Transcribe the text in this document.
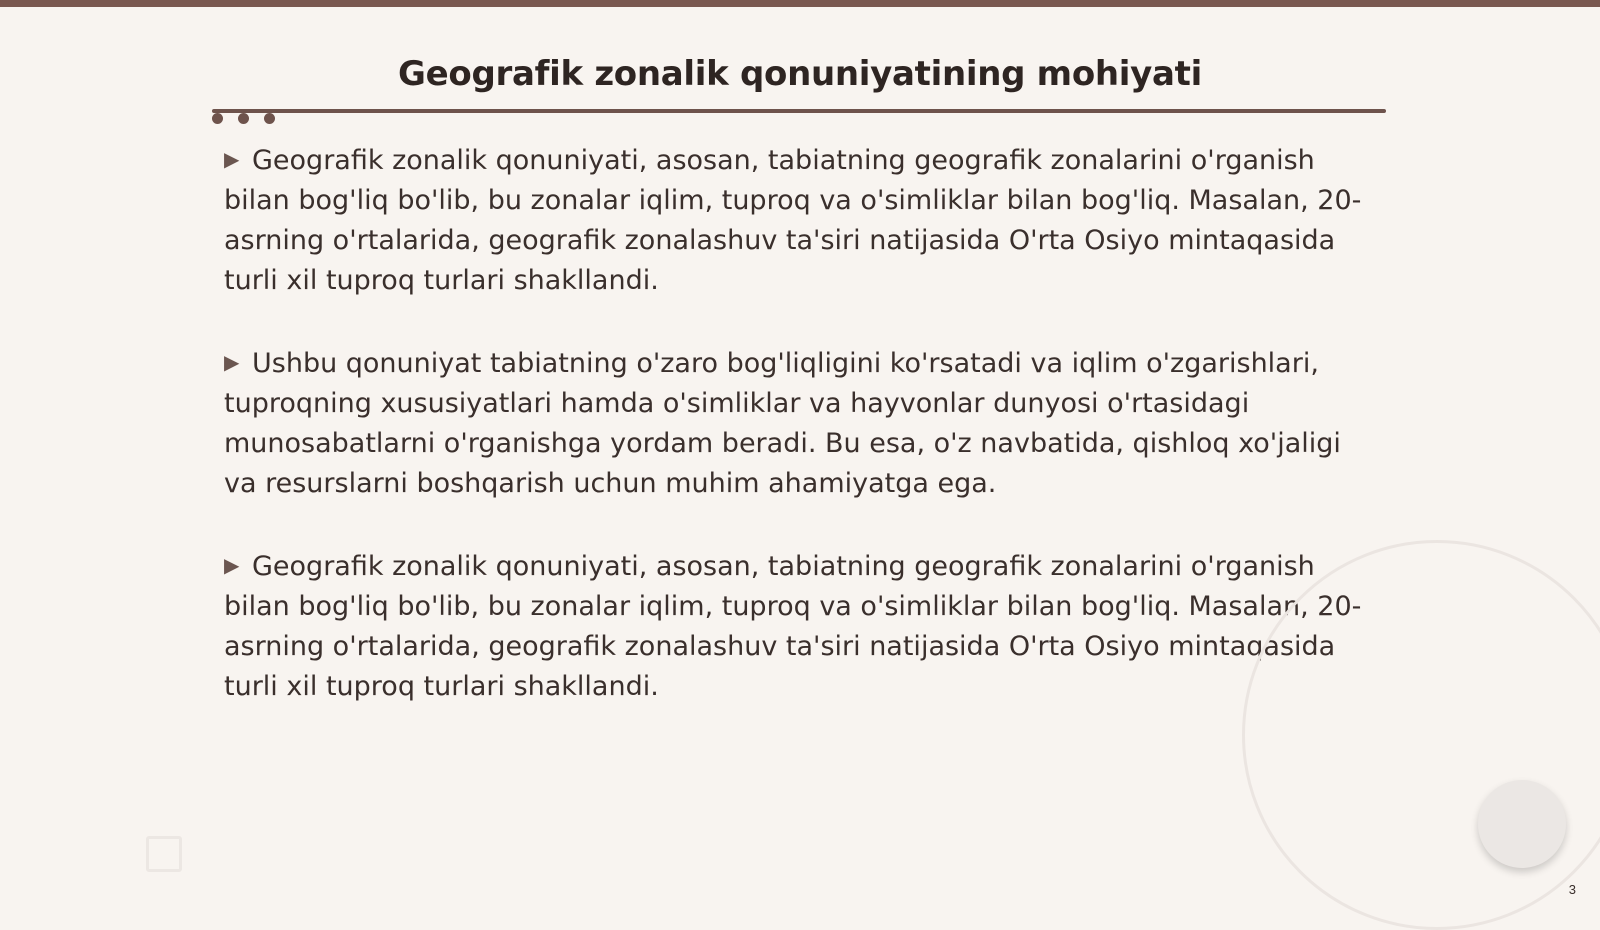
Geografik zonalik qonuniyatining mohiyati

▶ Geografik zonalik qonuniyati, asosan, tabiatning geografik zonalarini o'rganish bilan bog'liq bo'lib, bu zonalar iqlim, tuproq va o'simliklar bilan bog'liq. Masalan, 20-asrning o'rtalarida, geografik zonalashuv ta'siri natijasida O'rta Osiyo mintaqasida turli xil tuproq turlari shakllandi.

▶ Ushbu qonuniyat tabiatning o'zaro bog'liqligini ko'rsatadi va iqlim o'zgarishlari, tuproqning xususiyatlari hamda o'simliklar va hayvonlar dunyosi o'rtasidagi munosabatlarni o'rganishga yordam beradi. Bu esa, o'z navbatida, qishloq xo'jaligi va resurslarni boshqarish uchun muhim ahamiyatga ega.

▶ Geografik zonalik qonuniyati, asosan, tabiatning geografik zonalarini o'rganish bilan bog'liq bo'lib, bu zonalar iqlim, tuproq va o'simliklar bilan bog'liq. Masalan, 20-asrning o'rtalarida, geografik zonalashuv ta'siri natijasida O'rta Osiyo mintaqasida turli xil tuproq turlari shakllandi.

3
